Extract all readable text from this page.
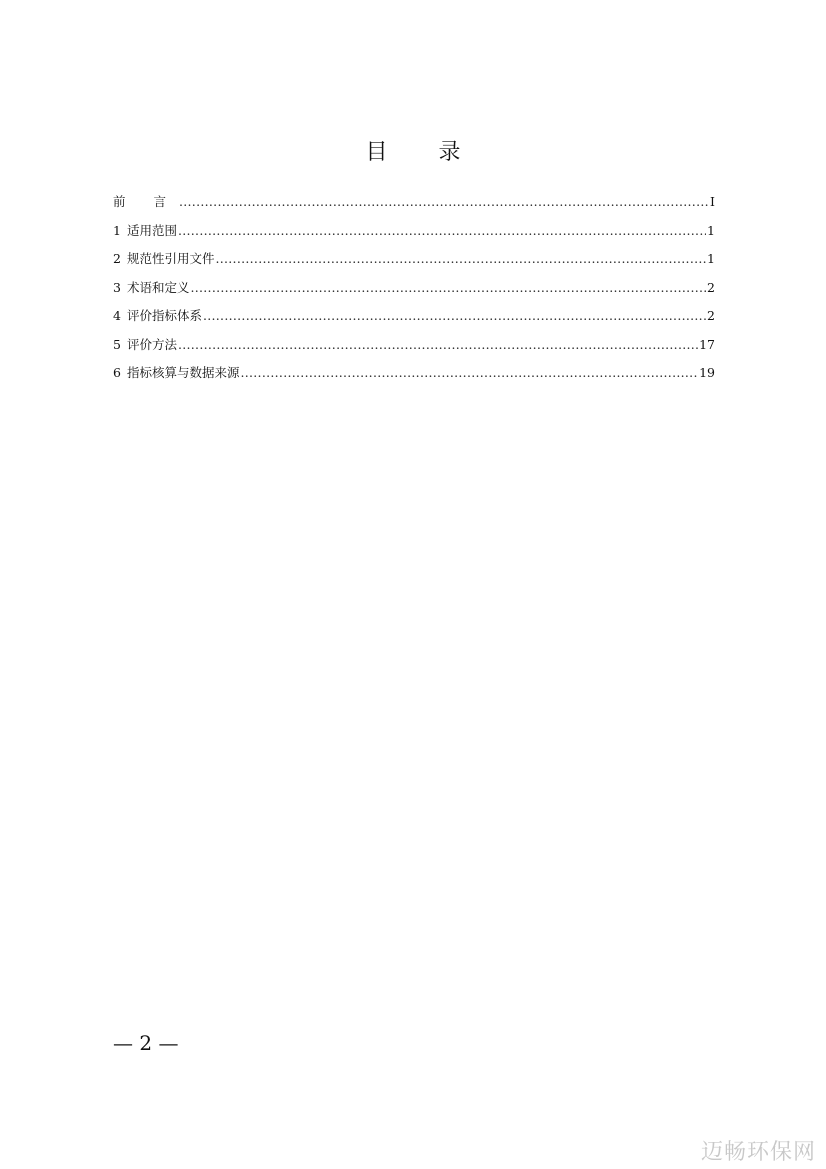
目 录
前 言 .....	I
1 适用范围 .....	1
2 规范性引用文件 .....	1
3 术语和定义 .....	2
4 评价指标体系 .....	2
5 评价方法 .....	17
6 指标核算与数据来源 .....	19
— 2 —
迈畅环保网
